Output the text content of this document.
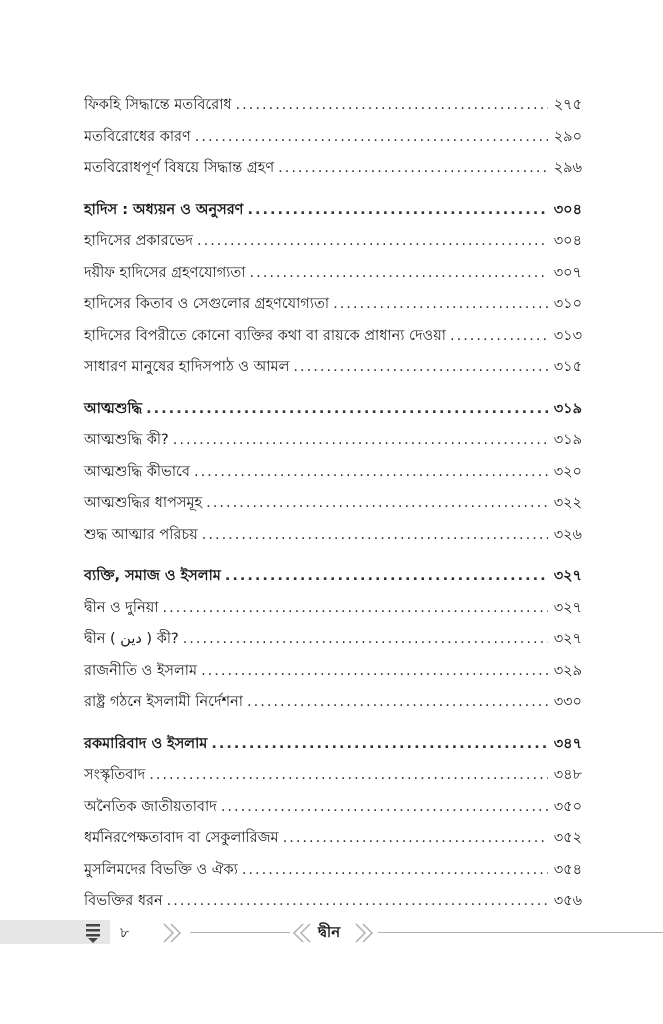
ফিকহি সিদ্ধান্তে মতবিরোধ .....	২৭৫
মতবিরোধের কারণ .....	২৯০
মতবিরোধপূর্ণ বিষয়ে সিদ্ধান্ত গ্রহণ .....	২৯৬
হাদিস : অধ্যয়ন ও অনুসরণ .....	৩০৪
হাদিসের প্রকারভেদ .....	৩০৪
দয়ীফ হাদিসের গ্রহণযোগ্যতা .....	৩০৭
হাদিসের কিতাব ও সেগুলোর গ্রহণযোগ্যতা .....	৩১০
হাদিসের বিপরীতে কোনো ব্যক্তির কথা বা রায়কে প্রাধান্য দেওয়া .....	৩১৩
সাধারণ মানুষের হাদিসপাঠ ও আমল .....	৩১৫
আত্মশুদ্ধি .....	৩১৯
আত্মশুদ্ধি কী? .....	৩১৯
আত্মশুদ্ধি কীভাবে .....	৩২০
আত্মশুদ্ধির ধাপসমূহ .....	৩২২
শুদ্ধ আত্মার পরিচয় .....	৩২৬
ব্যক্তি, সমাজ ও ইসলাম .....	৩২৭
দ্বীন ও দুনিয়া .....	৩২৭
দ্বীন ( دين ) কী? .....	৩২৭
রাজনীতি ও ইসলাম .....	৩২৯
রাষ্ট্র গঠনে ইসলামী নির্দেশনা .....	৩৩০
রকমারিবাদ ও ইসলাম .....	৩৪৭
সংস্কৃতিবাদ .....	৩৪৮
অনৈতিক জাতীয়তাবাদ .....	৩৫০
ধর্মনিরপেক্ষতাবাদ বা সেকুলারিজম .....	৩৫২
মুসলিমদের বিভক্তি ও ঐক্য .....	৩৫৪
বিভক্তির ধরন .....	৩৫৬
৮	দ্বীন
